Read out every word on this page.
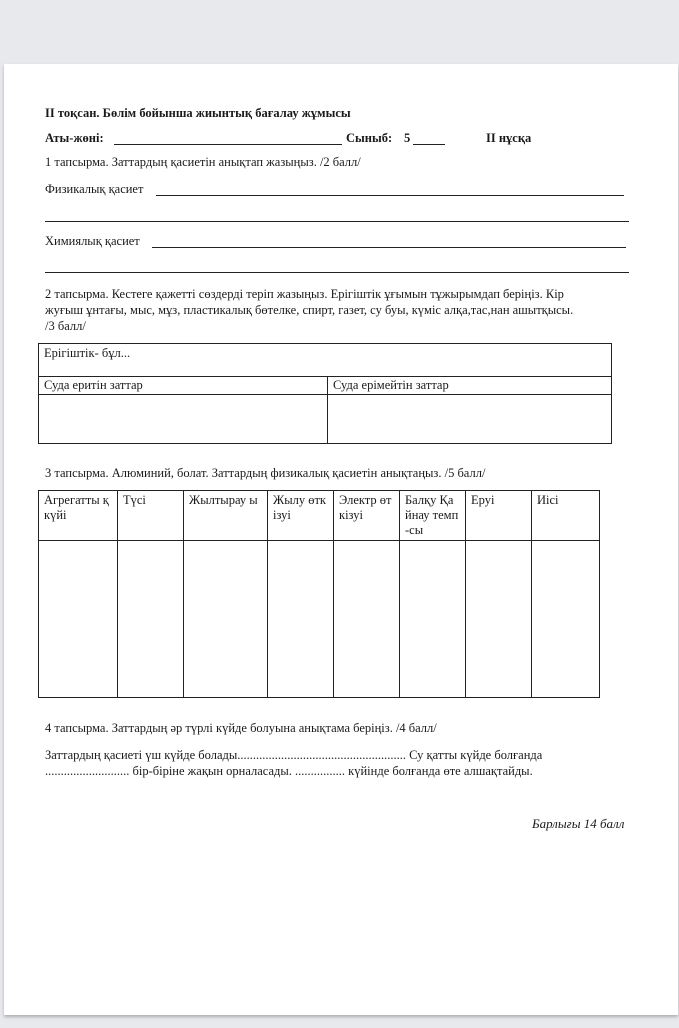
ІІ тоқсан. Бөлім бойынша жиынтық бағалау жұмысы
Аты-жөні:	Сыныб: 5	ІІ нұсқа
1 тапсырма. Заттардың қасиетін анықтап жазыңыз. /2 балл/
Физикалық қасиет
Химиялық қасиет
2 тапсырма. Кестеге қажетті сөздерді теріп жазыңыз. Ерігіштік ұғымын тұжырымдап беріңіз. Кір
жуғыш ұнтағы, мыс, мұз, пластикалық бөтелке, спирт, газет, су буы, күміс алқа,тас,нан ашытқысы.
/3 балл/
Ерігіштік- бұл...	
Суда еритін заттар	Суда ерімейтін заттар

3 тапсырма. Алюминий, болат. Заттардың физикалық қасиетін анықтаңыз. /5 балл/
Агрегатты қ күйі	Түсі	Жылтырау ы	Жылу өткізуі	Электр өткізуі	Балқу Қайнау темп-сы	Еруі	Иісі

4 тапсырма. Заттардың әр түрлі күйде болуына анықтама беріңіз. /4 балл/
Заттардың қасиеті үш күйде болады...................................................... Су қатты күйде болғанда
........................... бір-біріне жақын орналасады. ................ күйінде болғанда өте алшақтайды.
Барлығы 14 балл
